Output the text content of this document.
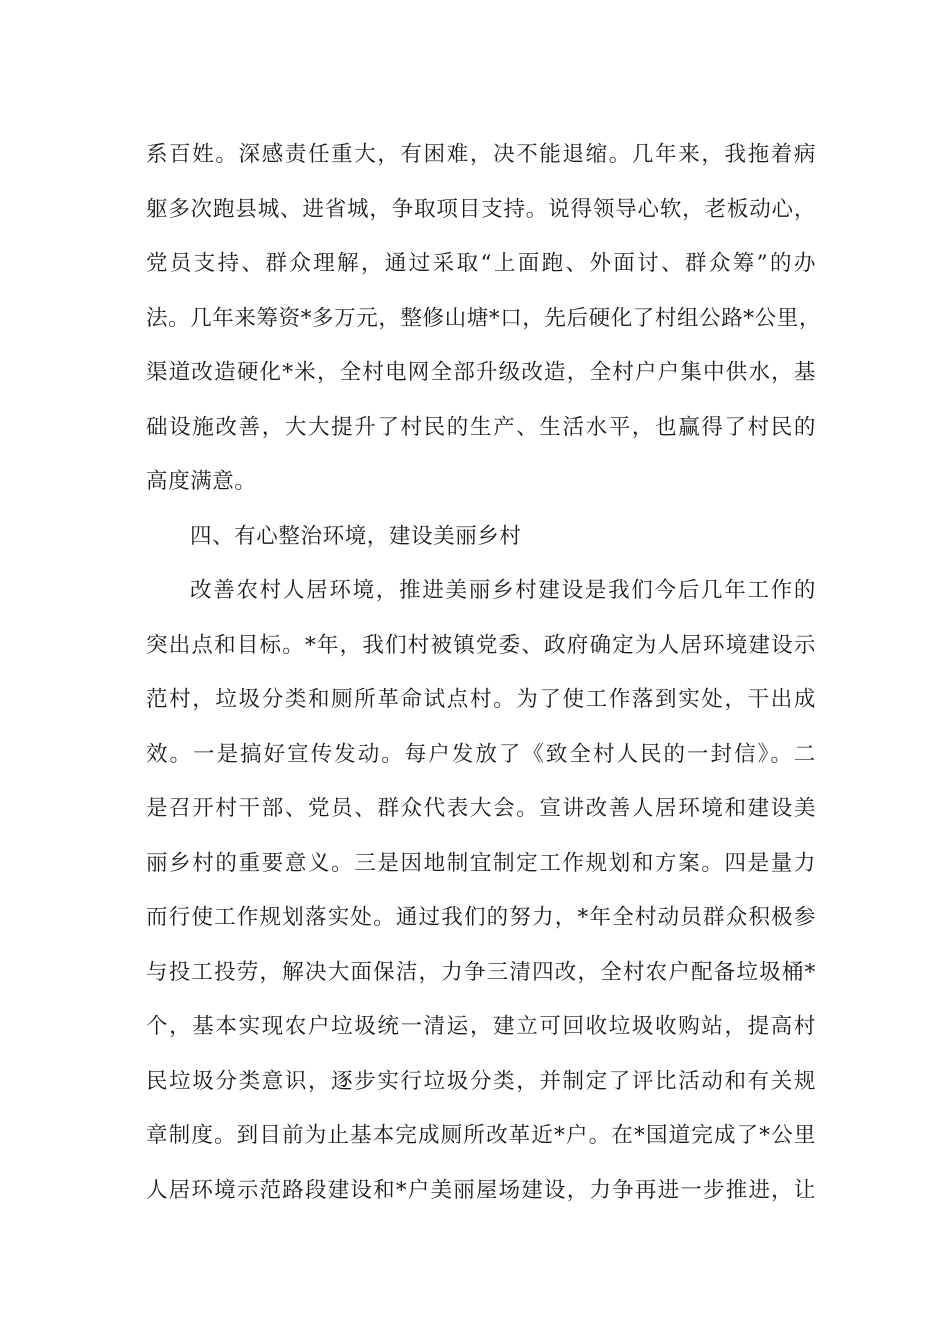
系百姓。深感责任重大，有困难，决不能退缩。几年来，我拖着病
躯多次跑县城、进省城，争取项目支持。说得领导心软，老板动心，
党员支持、群众理解，通过采取“上面跑、外面讨、群众筹”的办
法。几年来筹资*多万元，整修山塘*口，先后硬化了村组公路*公里，
渠道改造硬化*米，全村电网全部升级改造，全村户户集中供水，基
础设施改善，大大提升了村民的生产、生活水平，也赢得了村民的
高度满意。
四、有心整治环境，建设美丽乡村
改善农村人居环境，推进美丽乡村建设是我们今后几年工作的
突出点和目标。*年，我们村被镇党委、政府确定为人居环境建设示
范村，垃圾分类和厕所革命试点村。为了使工作落到实处，干出成
效。一是搞好宣传发动。每户发放了《致全村人民的一封信》。二
是召开村干部、党员、群众代表大会。宣讲改善人居环境和建设美
丽乡村的重要意义。三是因地制宜制定工作规划和方案。四是量力
而行使工作规划落实处。通过我们的努力，*年全村动员群众积极参
与投工投劳，解决大面保洁，力争三清四改，全村农户配备垃圾桶*
个，基本实现农户垃圾统一清运，建立可回收垃圾收购站，提高村
民垃圾分类意识，逐步实行垃圾分类，并制定了评比活动和有关规
章制度。到目前为止基本完成厕所改革近*户。在*国道完成了*公里
人居环境示范路段建设和*户美丽屋场建设，力争再进一步推进，让
